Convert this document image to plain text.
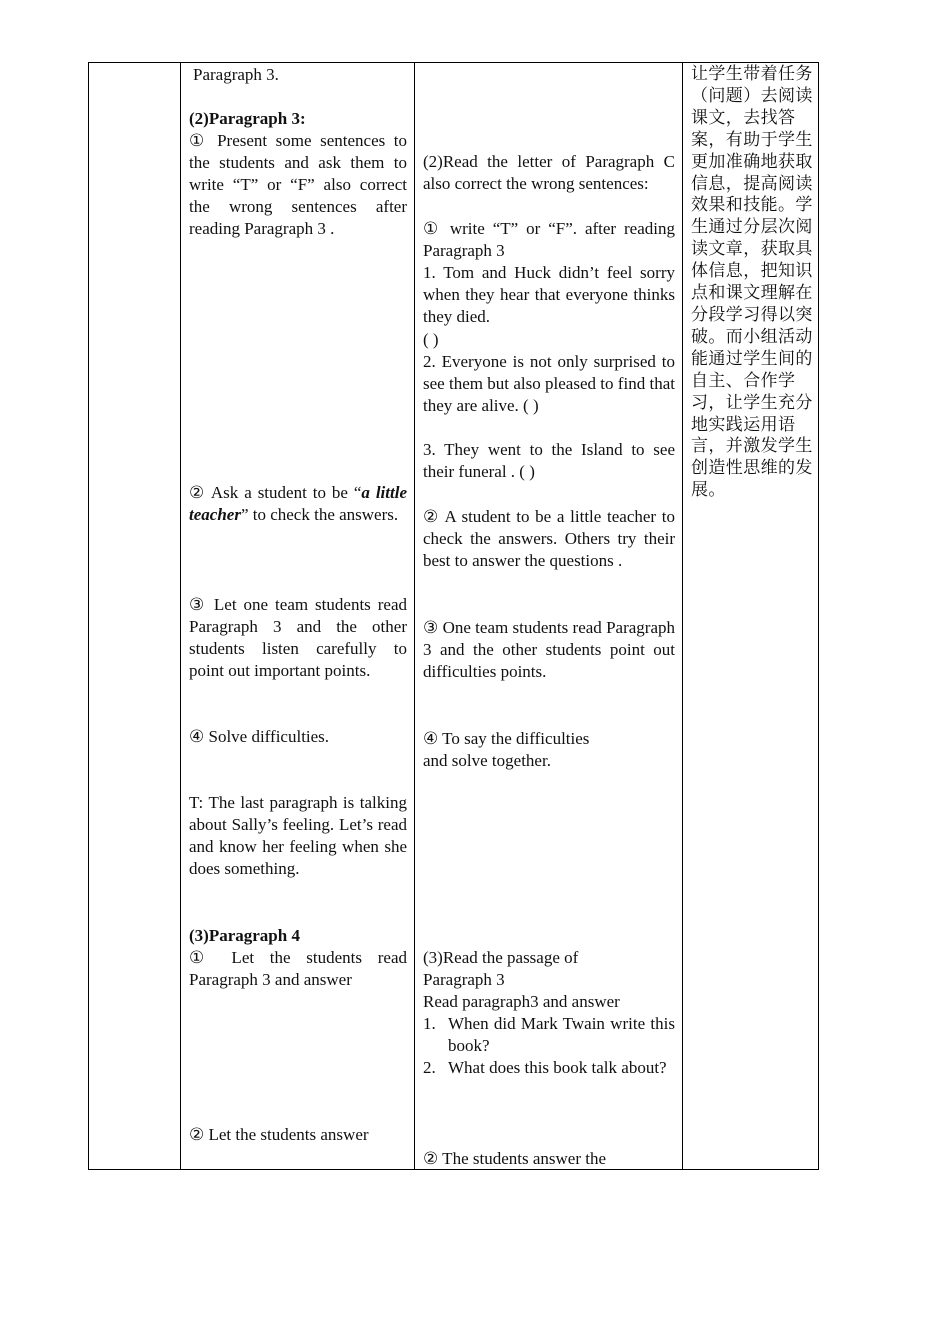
Paragraph 3.
(2)Paragraph 3:
① Present some sentences to the students and ask them to write “T” or “F” also correct the wrong sentences after reading Paragraph 3 .
② Ask a student to be “a little teacher” to check the answers.
③ Let one team students read Paragraph 3 and the other students listen carefully to point out important points.
④ Solve difficulties.
T: The last paragraph is talking about Sally’s feeling. Let’s read and know her feeling when she does something.
(3)Paragraph 4
① Let the students read Paragraph 3 and answer
② Let the students answer
(2)Read the letter of Paragraph C also correct the wrong sentences:
① write “T” or “F”. after reading Paragraph 3
1. Tom and Huck didn’t feel sorry when they hear that everyone thinks they died.
( )
2. Everyone is not only surprised to see them but also pleased to find that they are alive. ( )
3. They went to the Island to see their funeral . ( )
② A student to be a little teacher to check the answers. Others try their best to answer the questions .
③ One team students read Paragraph 3 and the other students point out difficulties points.
④ To say the difficulties
and solve together.
(3)Read the passage of
Paragraph 3
Read paragraph3 and answer
1. When did Mark Twain write this book?
2. What does this book talk about?
② The students answer the
让学生带着任务（问题）去阅读课文，去找答案，有助于学生更加准确地获取信息，提高阅读效果和技能。学生通过分层次阅读文章，获取具体信息，把知识点和课文理解在分段学习得以突破。而小组活动能通过学生间的自主、合作学习，让学生充分地实践运用语言，并激发学生创造性思维的发展。
